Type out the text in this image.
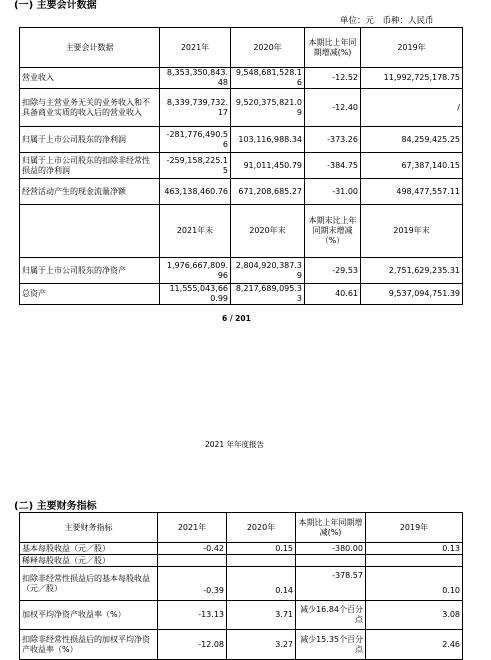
(一) 主要会计数据
单位：元　币种：人民币
主要会计数据	2021年	2020年	本期比上年同期增减(%)	2019年
营业收入	8,353,350,843.48	9,548,681,528.16	-12.52	11,992,725,178.75
扣除与主营业务无关的业务收入和不具备商业实质的收入后的营业收入	8,339,739,732.17	9,520,375,821.09	-12.40	/
归属于上市公司股东的净利润	-281,776,490.56	103,116,988.34	-373.26	84,259,425.25
归属于上市公司股东的扣除非经常性损益的净利润	-259,158,225.15	91,011,450.79	-384.75	67,387,140.15
经营活动产生的现金流量净额	463,138,460.76	671,208,685.27	-31.00	498,477,557.11
	2021年末	2020年末	本期末比上年同期末增减（%）	2019年末
归属于上市公司股东的净资产	1,976,667,809.96	2,804,920,387.39	-29.53	2,751,629,235.31
总资产	11,555,043,660.99	8,217,689,095.33	40.61	9,537,094,751.39
6 / 201
2021 年年度报告
(二) 主要财务指标
主要财务指标	2021年	2020年	本期比上年同期增减(%)	2019年
基本每股收益（元／股）	-0.42	0.15	-380.00	0.13
稀释每股收益（元／股）				
扣除非经常性损益后的基本每股收益（元／股）	-0.39	0.14	-378.57	0.10
加权平均净资产收益率（%）	-13.13	3.71	减少16.84个百分点	3.08
扣除非经常性损益后的加权平均净资产收益率（%）	-12.08	3.27	减少15.35个百分点	2.46
